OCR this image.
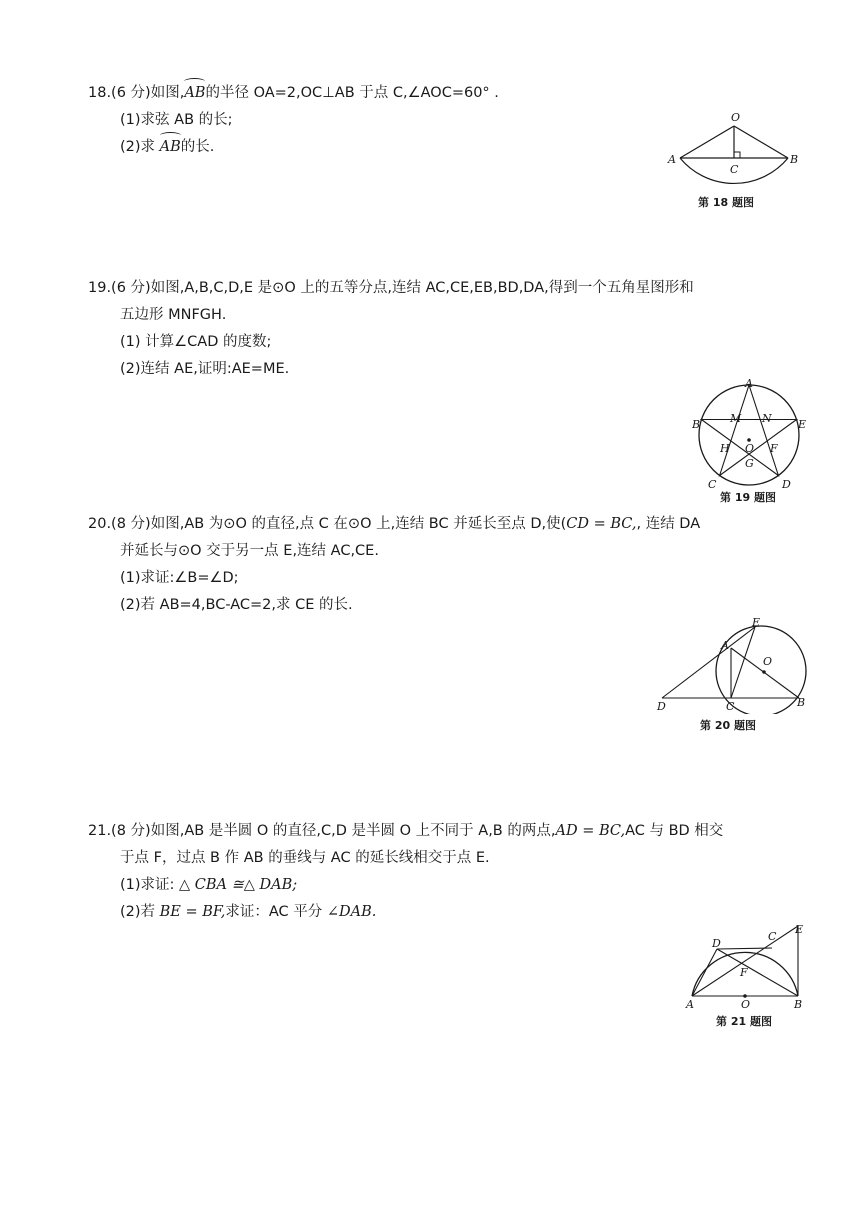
18.(6 分)如图,AB的半径 OA=2,OC⊥AB 于点 C,∠AOC=60° .
(1)求弦 AB 的长;
(2)求 AB的长.
O
A	B
C
第 18 题图
19.(6 分)如图,A,B,C,D,E 是⊙O 上的五等分点,连结 AC,CE,EB,BD,DA,得到一个五角星图形和
五边形 MNFGH.
(1) 计算∠CAD 的度数;
(2)连结 AE,证明:AE=ME.
A
B	E
M N
O
H	F
G
C	D
第 19 题图
20.(8 分)如图,AB 为⊙O 的直径,点 C 在⊙O 上,连结 BC 并延长至点 D,使(CD = BC,, 连结 DA
并延长与⊙O 交于另一点 E,连结 AC,CE.
(1)求证:∠B=∠D;
(2)若 AB=4,BC-AC=2,求 CE 的长.
E
A
O
D	C	B
第 20 题图
21.(8 分)如图,AB 是半圆 O 的直径,C,D 是半圆 O 上不同于 A,B 的两点,AD = BC,AC 与 BD 相交
于点 F，过点 B 作 AB 的垂线与 AC 的延长线相交于点 E.
(1)求证: △ CBA ≅△ DAB;
(2)若 BE = BF,求证：AC 平分 ∠DAB.
D
C
E
F
A	O	B
第 21 题图
